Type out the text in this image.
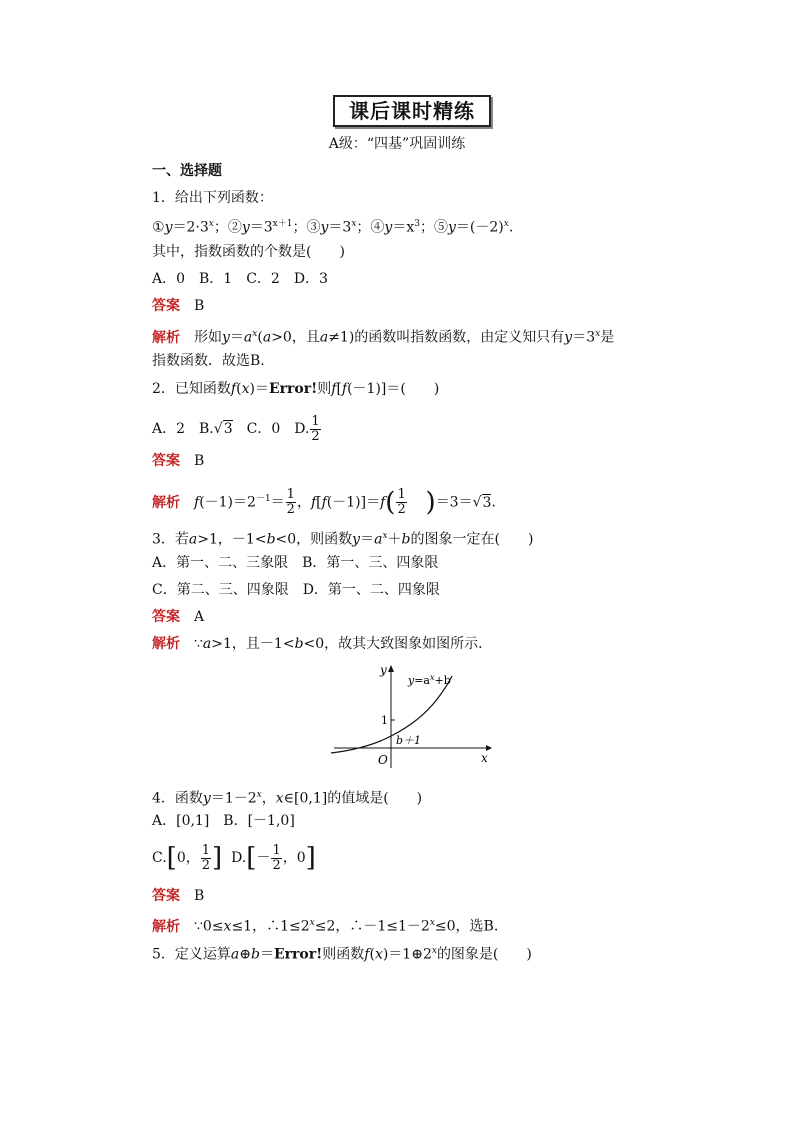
课后课时精练
A级：“四基”巩固训练
一、选择题
1．给出下列函数：
$①y=2\cdot 3^x$；$②y=3^{x+1}$；$③y=3^x$；$④y=x^3$；$⑤y=(-2)^x$.
其中，指数函数的个数是(　　)
A．0　B．1　C．2　D．3
答案 B
解析 形如$y=a^x(a>0$，且a≠1)的函数叫指数函数，由定义知只有$y=3^x$是
指数函数．故选B.
2．已知函数f(x)＝Error!则f[f(－1)]＝(　　)
A．2　B.√3　C．0　D. $\frac{1}{2}$
答案 B
解析 $f(-1)=2^{-1}= \frac{1}{2}$ ，$f[f(-1)]=f( \frac{1}{2} )=3=√3$.
3．若a>1，－1<b<0，则函数$y=a^x+b$的图象一定在(　　)
A．第一、二、三象限　B．第一、三、四象限
C．第二、三、四象限　D．第一、二、四象限
答案 A
解析 ∵a>1，且－1<b<0，故其大致图象如图所示．
y
x
O
1
b＋1
$y=a^x+b$
4．函数$y=1-2^x$，x∈[0,1]的值域是(　　)
A．[0,1]　B．[－1,0]
C.[0， $\frac{1}{2}$ ] $D.[- \frac{1}{2}$ ，0]
答案 B
解析 ∵0≤x≤1，$\therefore 1\le 2^x\le 2$，$\therefore-1\le 1-2^x\le 0$，选B.
5．定义运算a⊕b＝Error!则函数$f(x)=1\oplus 2^x$的图象是(　　)
